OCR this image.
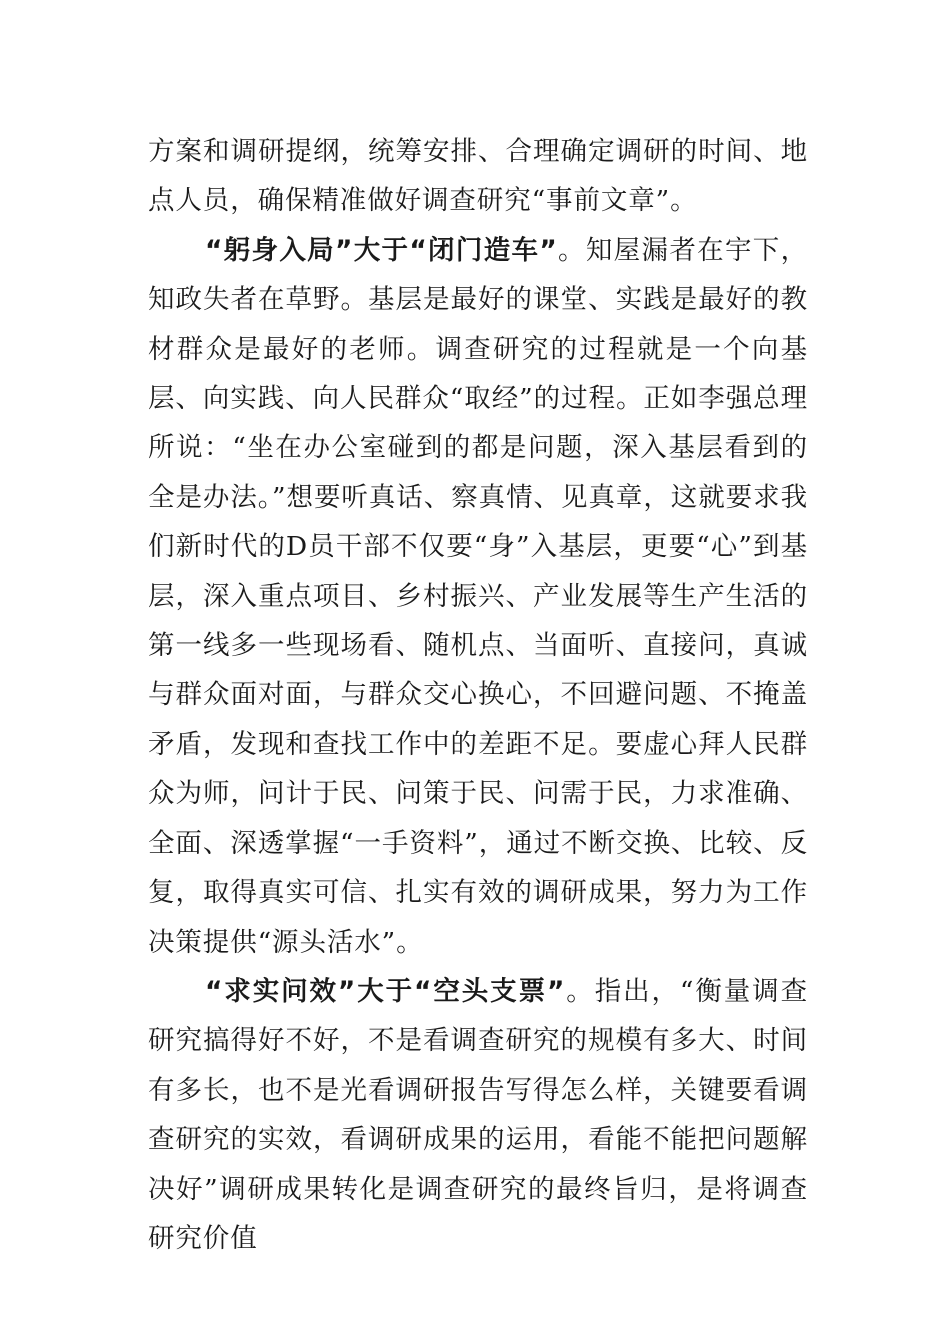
方案和调研提纲，统筹安排、合理确定调研的时间、地点人员，确保精准做好调查研究“事前文章”。

“躬身入局”大于“闭门造车”。知屋漏者在宇下，知政失者在草野。基层是最好的课堂、实践是最好的教材群众是最好的老师。调查研究的过程就是一个向基层、向实践、向人民群众“取经”的过程。正如李强总理所说：“坐在办公室碰到的都是问题，深入基层看到的全是办法。”想要听真话、察真情、见真章，这就要求我们新时代的D员干部不仅要“身”入基层，更要“心”到基层，深入重点项目、乡村振兴、产业发展等生产生活的第一线多一些现场看、随机点、当面听、直接问，真诚与群众面对面，与群众交心换心，不回避问题、不掩盖矛盾，发现和查找工作中的差距不足。要虚心拜人民群众为师，问计于民、问策于民、问需于民，力求准确、全面、深透掌握“一手资料”，通过不断交换、比较、反复，取得真实可信、扎实有效的调研成果，努力为工作决策提供“源头活水”。

“求实问效”大于“空头支票”。指出，“衡量调查研究搞得好不好，不是看调查研究的规模有多大、时间有多长，也不是光看调研报告写得怎么样，关键要看调查研究的实效，看调研成果的运用，看能不能把问题解决好”调研成果转化是调查研究的最终旨归，是将调查研究价值
